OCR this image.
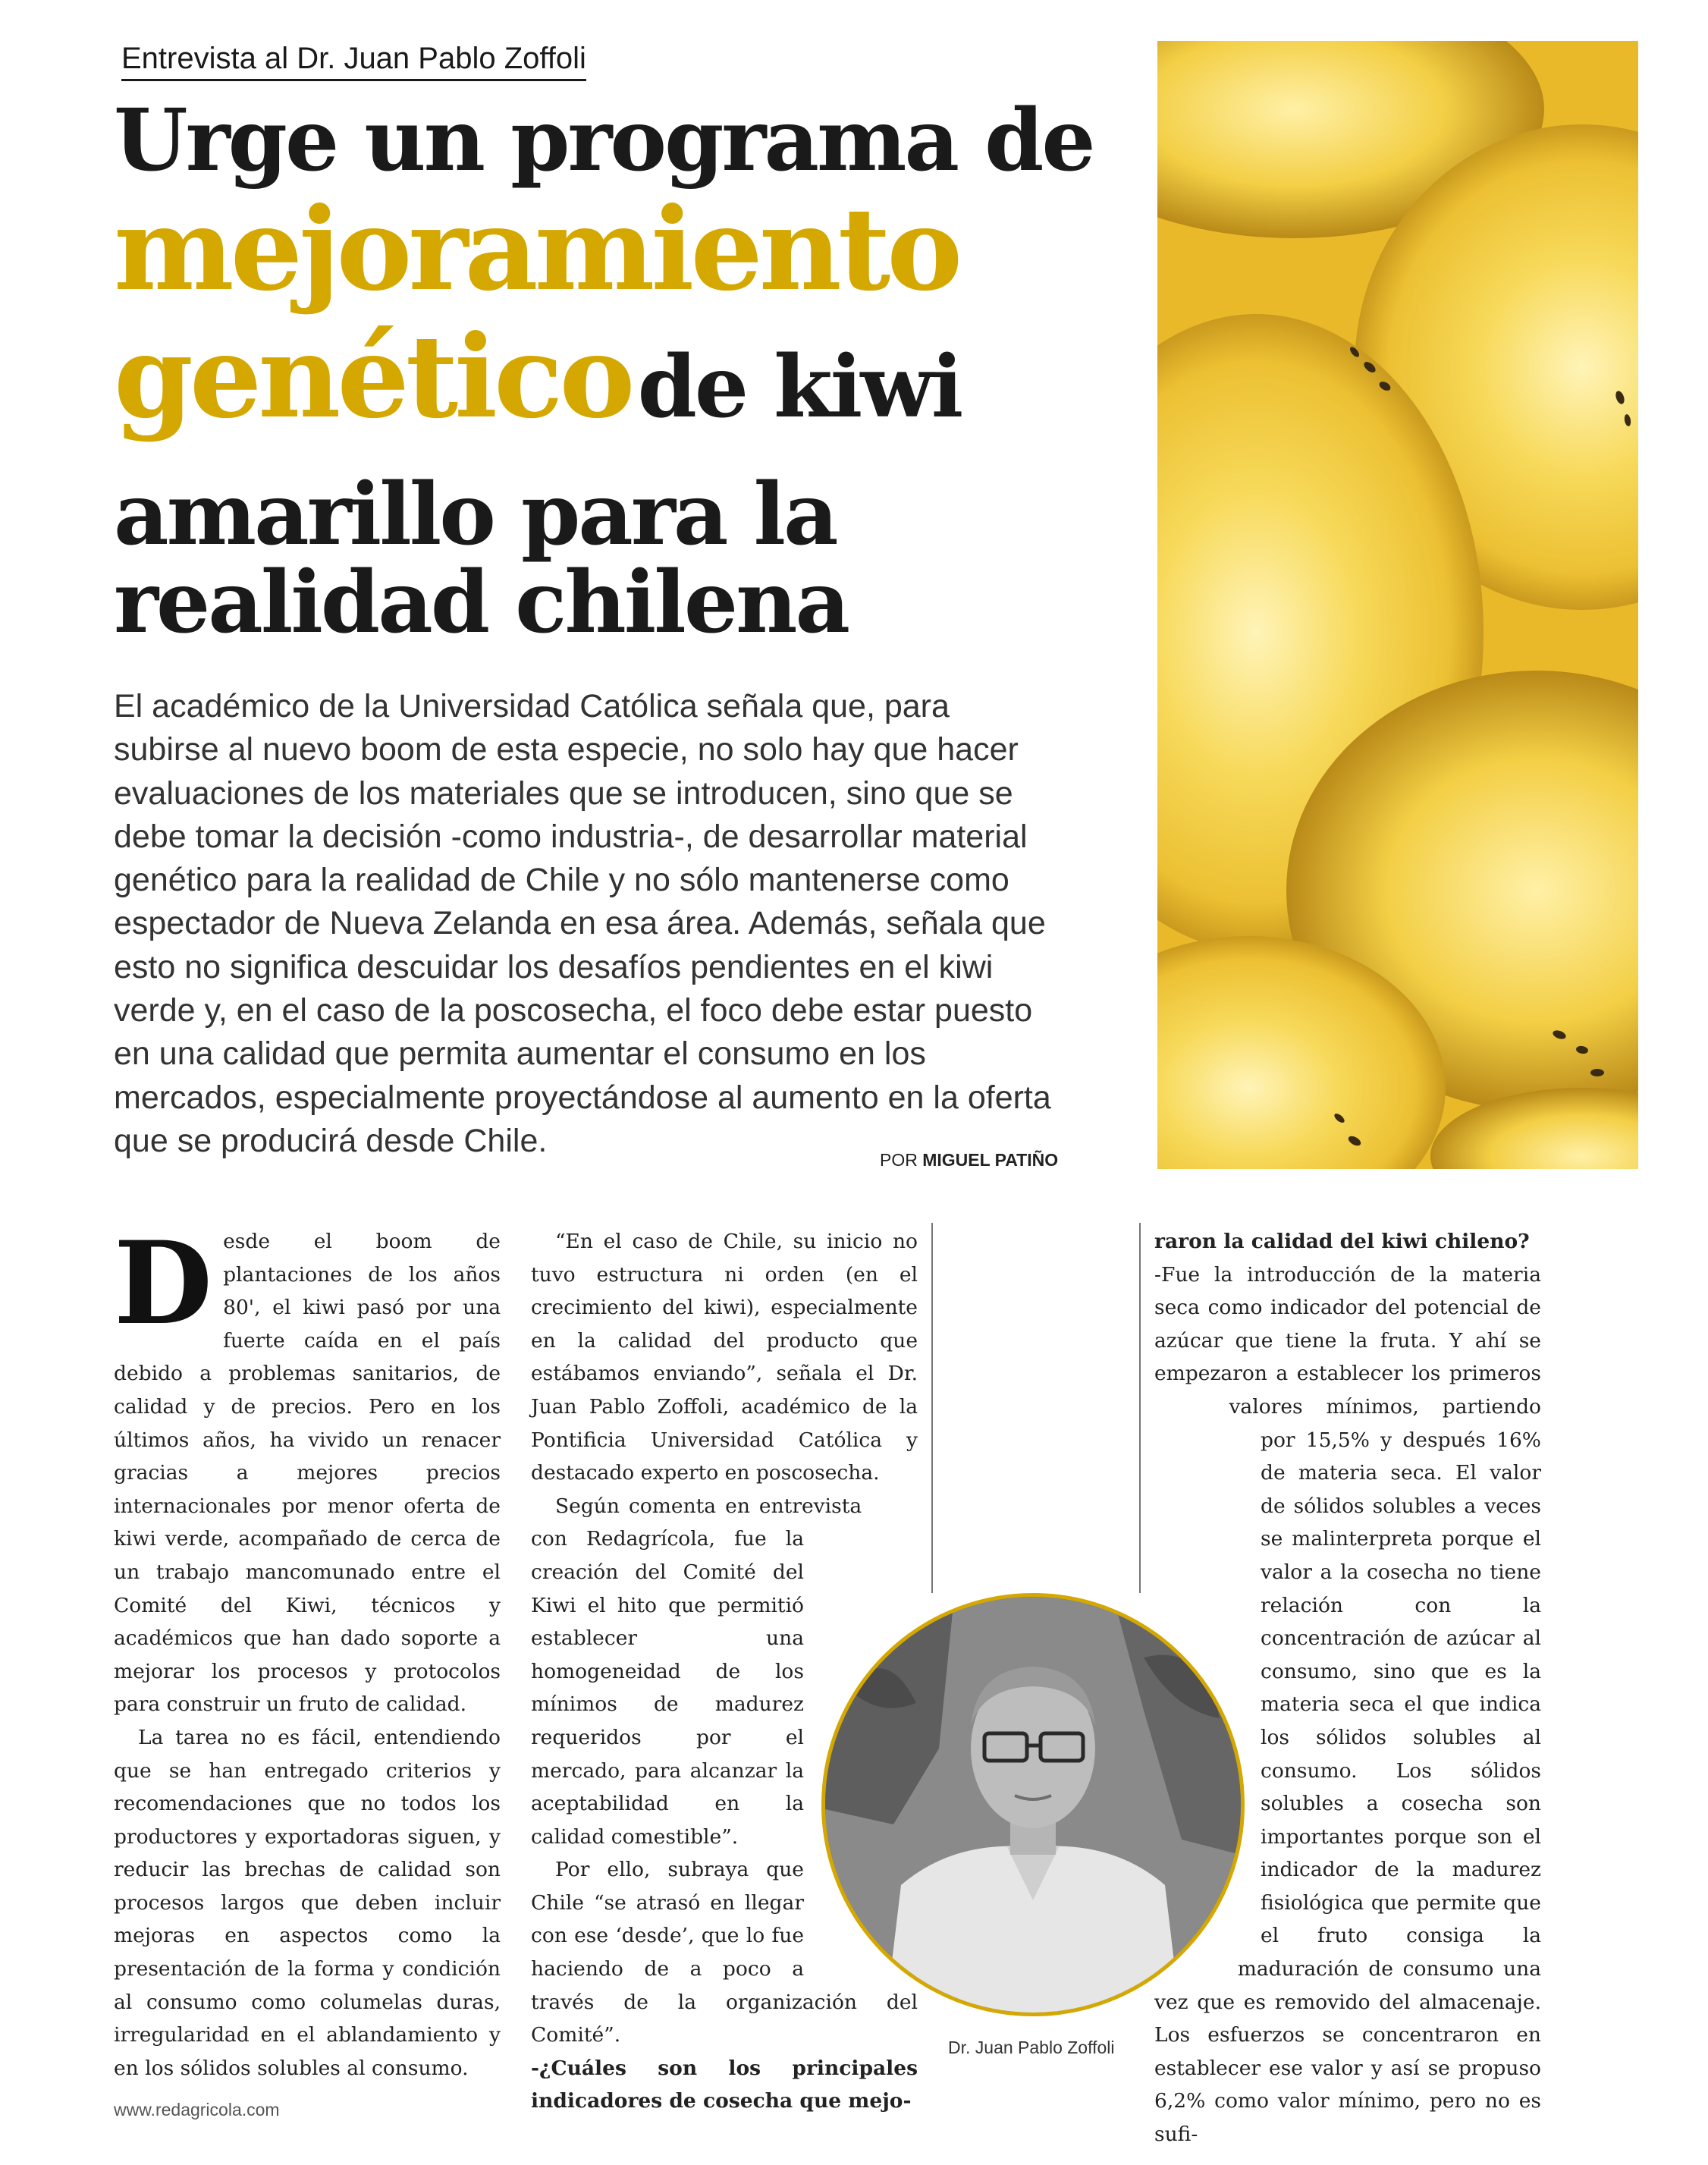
Entrevista al Dr. Juan Pablo Zoffoli
Urge un programa de
mejoramiento
genético de kiwi
amarillo para la
realidad chilena
El académico de la Universidad Católica señala que, para subirse al nuevo boom de esta especie, no solo hay que hacer evaluaciones de los materiales que se introducen, sino que se debe tomar la decisión -como industria-, de desarrollar material genético para la realidad de Chile y no sólo mantenerse como espectador de Nueva Zelanda en esa área. Además, señala que esto no significa descuidar los desafíos pendientes en el kiwi verde y, en el caso de la poscosecha, el foco debe estar puesto en una calidad que permita aumentar el consumo en los mercados, especialmente proyectándose al aumento en la oferta que se producirá desde Chile.
POR MIGUEL PATIÑO
D esde el boom de plantaciones de los años 80', el kiwi pasó por una fuerte caída en el país debido a problemas sanitarios, de calidad y de precios. Pero en los últimos años, ha vivido un renacer gracias a mejores precios internacionales por menor oferta de kiwi verde, acompañado de cerca de un trabajo mancomunado entre el Comité del Kiwi, técnicos y académicos que han dado soporte a mejorar los procesos y protocolos para construir un fruto de calidad.

La tarea no es fácil, entendiendo que se han entregado criterios y recomendaciones que no todos los productores y exportadoras siguen, y reducir las brechas de calidad son procesos largos que deben incluir mejoras en aspectos como la presentación de la forma y condición al consumo como columelas duras, irregularidad en el ablandamiento y en los sólidos solubles al consumo.

“En el caso de Chile, su inicio no tuvo estructura ni orden (en el crecimiento del kiwi), especialmente en la calidad del producto que estábamos enviando”, señala el Dr. Juan Pablo Zoffoli, académico de la Pontificia Universidad Católica y destacado experto en poscosecha.

Según comenta en entrevista con Redagrícola, fue la creación del Comité del Kiwi el hito que permitió establecer una homogeneidad de los mínimos de madurez requeridos por el mercado, para alcanzar la aceptabilidad en la calidad comestible”.

Por ello, subraya que Chile “se atrasó en llegar con ese ‘desde’, que lo fue haciendo de a poco a través de la organización del Comité”.

-¿Cuáles son los principales indicadores de cosecha que mejo-

raron la calidad del kiwi chileno?

-Fue la introducción de la materia seca como indicador del potencial de azúcar que tiene la fruta. Y ahí se empezaron a establecer los primeros valores mínimos, partiendo por 15,5% y después 16% de materia seca. El valor de sólidos solubles a veces se malinterpreta porque el valor a la cosecha no tiene relación con la concentración de azúcar al consumo, sino que es la materia seca el que indica los sólidos solubles al consumo. Los sólidos solubles a cosecha son importantes porque son el indicador de la madurez fisiológica que permite que el fruto consiga la maduración de consumo una vez que es removido del almacenaje. Los esfuerzos se concentraron en establecer ese valor y así se propuso 6,2% como valor mínimo, pero no es sufi-

Dr. Juan Pablo Zoffoli
www.redagricola.com
